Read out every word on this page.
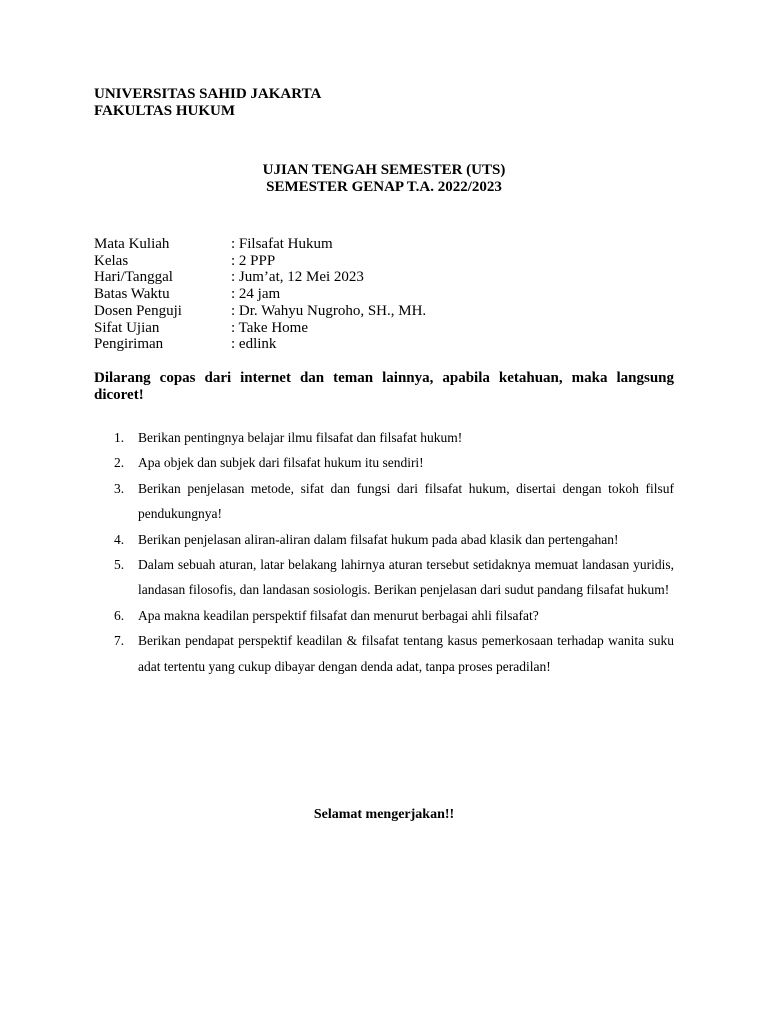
UNIVERSITAS SAHID JAKARTA
FAKULTAS HUKUM
UJIAN TENGAH SEMESTER (UTS)
SEMESTER GENAP T.A. 2022/2023
Mata Kuliah	: Filsafat Hukum
Kelas	: 2 PPP
Hari/Tanggal	: Jum’at, 12 Mei 2023
Batas Waktu	: 24 jam
Dosen Penguji	: Dr. Wahyu Nugroho, SH., MH.
Sifat Ujian	: Take Home
Pengiriman	: edlink
Dilarang copas dari internet dan teman lainnya, apabila ketahuan, maka langsung dicoret!
1. Berikan pentingnya belajar ilmu filsafat dan filsafat hukum!
2. Apa objek dan subjek dari filsafat hukum itu sendiri!
3. Berikan penjelasan metode, sifat dan fungsi dari filsafat hukum, disertai dengan tokoh filsuf pendukungnya!
4. Berikan penjelasan aliran-aliran dalam filsafat hukum pada abad klasik dan pertengahan!
5. Dalam sebuah aturan, latar belakang lahirnya aturan tersebut setidaknya memuat landasan yuridis, landasan filosofis, dan landasan sosiologis. Berikan penjelasan dari sudut pandang filsafat hukum!
6. Apa makna keadilan perspektif filsafat dan menurut berbagai ahli filsafat?
7. Berikan pendapat perspektif keadilan & filsafat tentang kasus pemerkosaan terhadap wanita suku adat tertentu yang cukup dibayar dengan denda adat, tanpa proses peradilan!
Selamat mengerjakan!!
